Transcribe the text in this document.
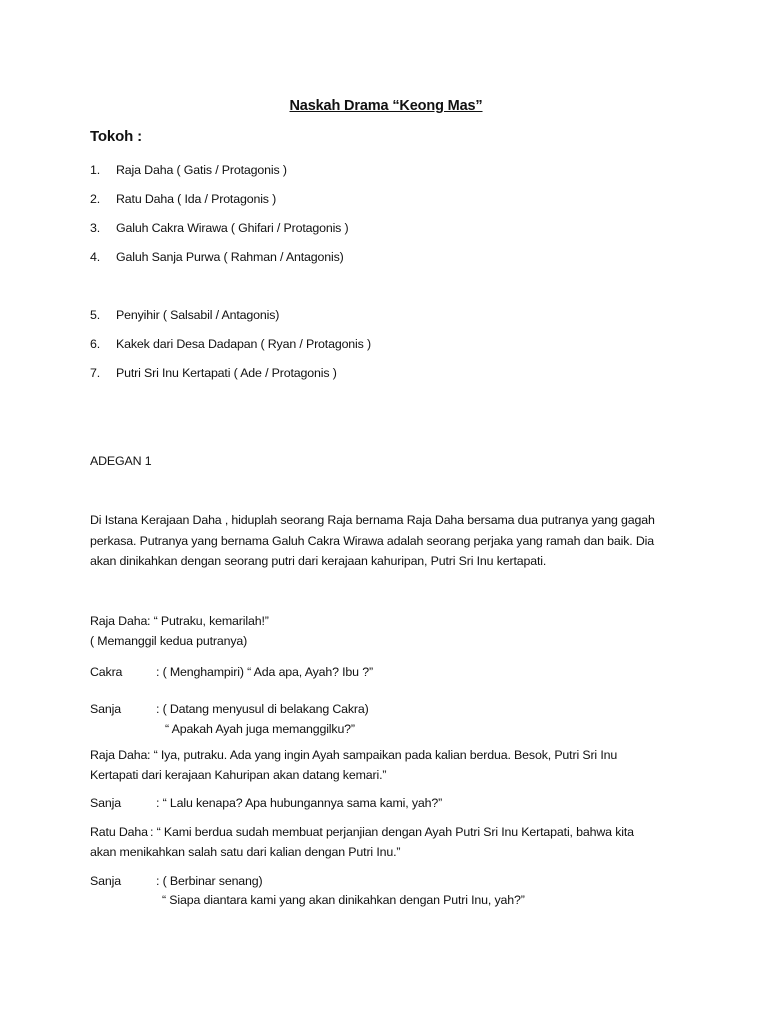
Naskah Drama “Keong Mas”
Tokoh :
1. Raja Daha ( Gatis / Protagonis )
2. Ratu Daha ( Ida / Protagonis )
3. Galuh Cakra Wirawa ( Ghifari / Protagonis )
4. Galuh Sanja Purwa ( Rahman / Antagonis)
5. Penyihir ( Salsabil / Antagonis)
6. Kakek dari Desa Dadapan ( Ryan / Protagonis )
7. Putri Sri Inu Kertapati ( Ade / Protagonis )
ADEGAN 1
Di Istana Kerajaan Daha , hiduplah seorang Raja bernama Raja Daha bersama dua putranya yang gagah
perkasa. Putranya yang bernama Galuh Cakra Wirawa adalah seorang perjaka yang ramah dan baik. Dia
akan dinikahkan dengan seorang putri dari kerajaan kahuripan, Putri Sri Inu kertapati.
Raja Daha : “ Putraku, kemarilah!”
( Memanggil kedua putranya)
Cakra	: ( Menghampiri) “ Ada apa, Ayah? Ibu ?”
Sanja	: ( Datang menyusul di belakang Cakra)
“ Apakah Ayah juga memanggilku?”
Raja Daha : “ Iya, putraku. Ada yang ingin Ayah sampaikan pada kalian berdua. Besok, Putri Sri Inu
Kertapati dari kerajaan Kahuripan akan datang kemari.”
Sanja	: “ Lalu kenapa? Apa hubungannya sama kami, yah?”
Ratu Daha : “ Kami berdua sudah membuat perjanjian dengan Ayah Putri Sri Inu Kertapati, bahwa kita
akan menikahkan salah satu dari kalian dengan Putri Inu.”
Sanja	: ( Berbinar senang)
“ Siapa diantara kami yang akan dinikahkan dengan Putri Inu, yah?”
